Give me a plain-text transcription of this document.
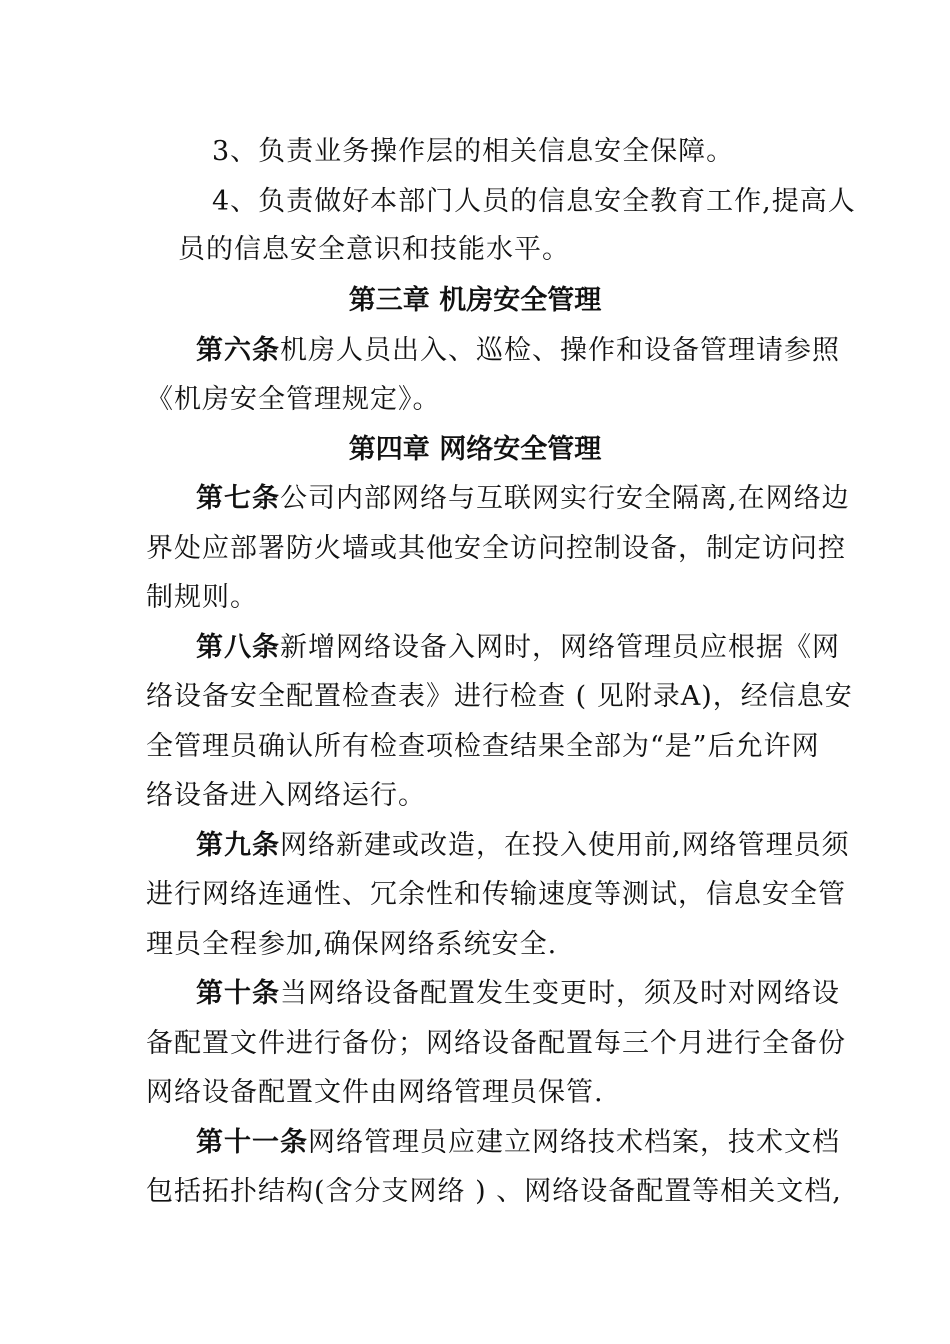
3、负责业务操作层的相关信息安全保障。
4、负责做好本部门人员的信息安全教育工作,提高人
员的信息安全意识和技能水平。
第三章 机房安全管理
第六条机房人员出入、巡检、操作和设备管理请参照
《机房安全管理规定》。
第四章 网络安全管理
第七条公司内部网络与互联网实行安全隔离,在网络边
界处应部署防火墙或其他安全访问控制设备，制定访问控
制规则。
第八条新增网络设备入网时，网络管理员应根据《网
络设备安全配置检查表》进行检查 ( 见附录A)，经信息安
全管理员确认所有检查项检查结果全部为“是”后允许网
络设备进入网络运行。
第九条网络新建或改造，在投入使用前,网络管理员须
进行网络连通性、冗余性和传输速度等测试，信息安全管
理员全程参加,确保网络系统安全.
第十条当网络设备配置发生变更时，须及时对网络设
备配置文件进行备份；网络设备配置每三个月进行全备份
网络设备配置文件由网络管理员保管.
第十一条网络管理员应建立网络技术档案，技术文档
包括拓扑结构(含分支网络 ) 、网络设备配置等相关文档,
